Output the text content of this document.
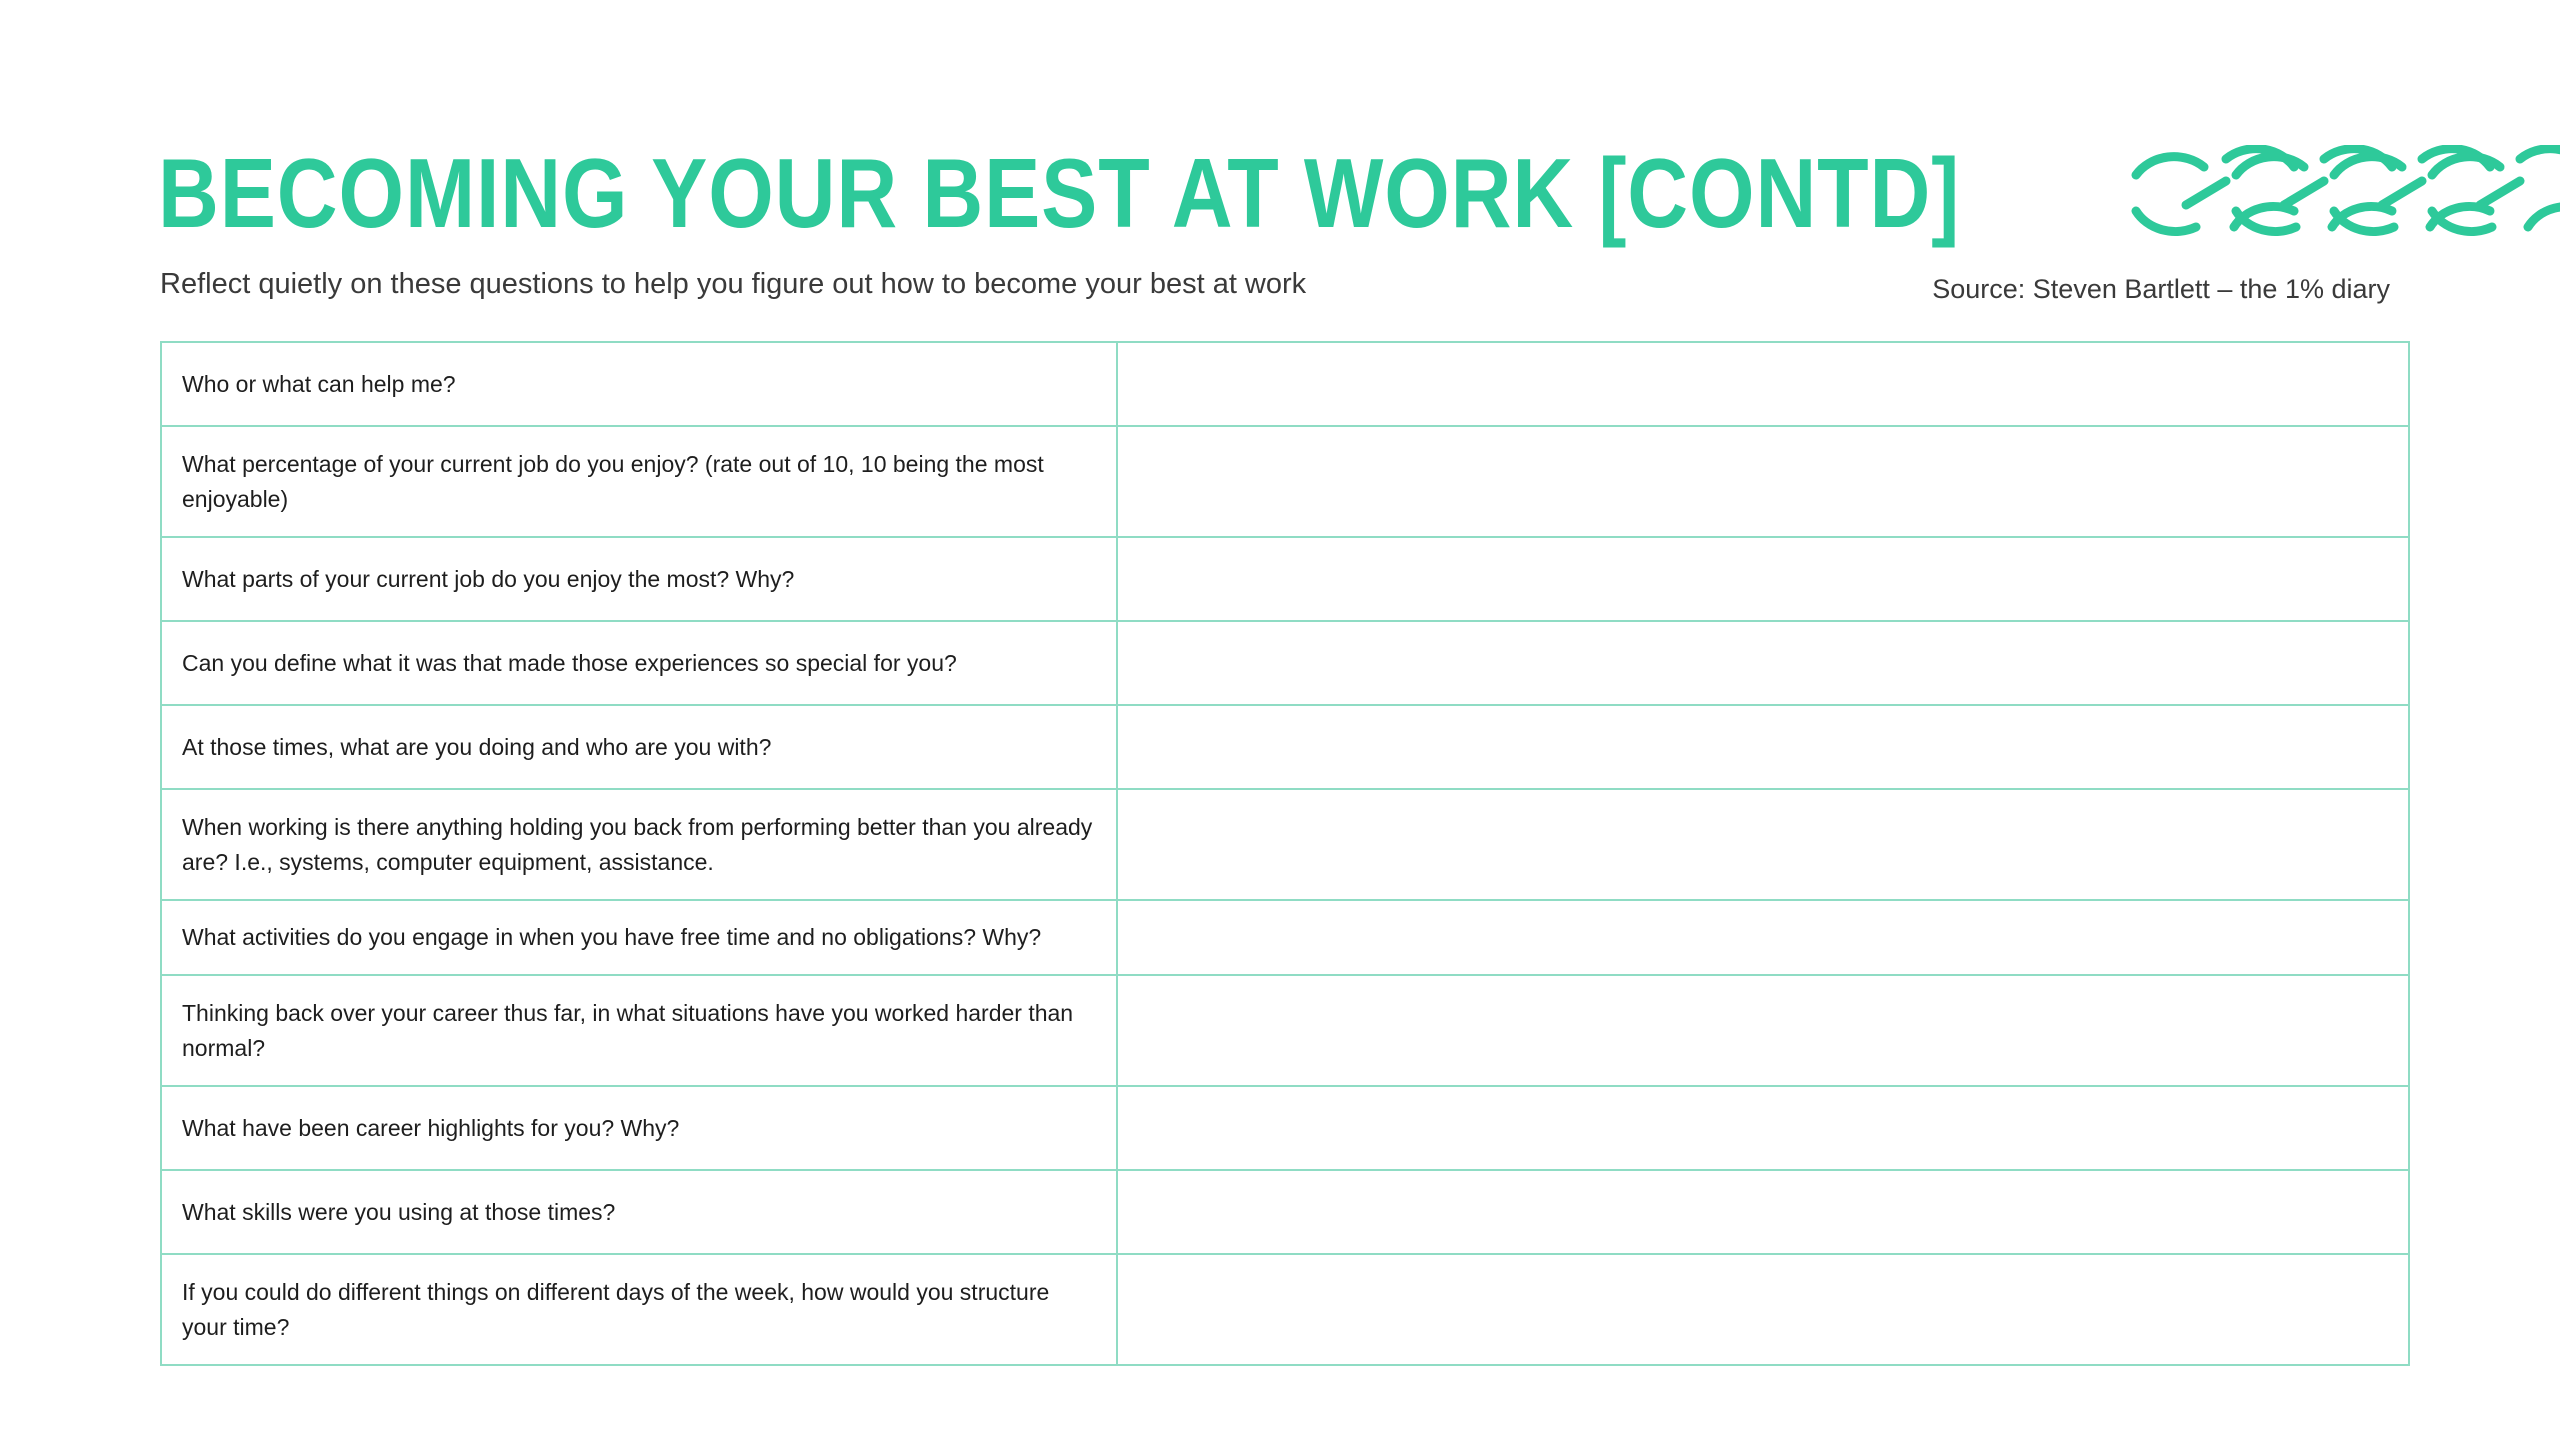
BECOMING YOUR BEST AT WORK [CONTD]
Reflect quietly on these questions to help you figure out how to become your best at work	Source: Steven Bartlett – the 1% diary
Who or what can help me?	
What percentage of your current job do you enjoy? (rate out of 10, 10 being the most enjoyable)	
What parts of your current job do you enjoy the most? Why?	
Can you define what it was that made those experiences so special for you?	
At those times, what are you doing and who are you with?	
When working is there anything holding you back from performing better than you already are? I.e., systems, computer equipment, assistance.	
What activities do you engage in when you have free time and no obligations? Why?	
Thinking back over your career thus far, in what situations have you worked harder than normal?	
What have been career highlights for you? Why?	
What skills were you using at those times?	
If you could do different things on different days of the week, how would you structure your time?	
